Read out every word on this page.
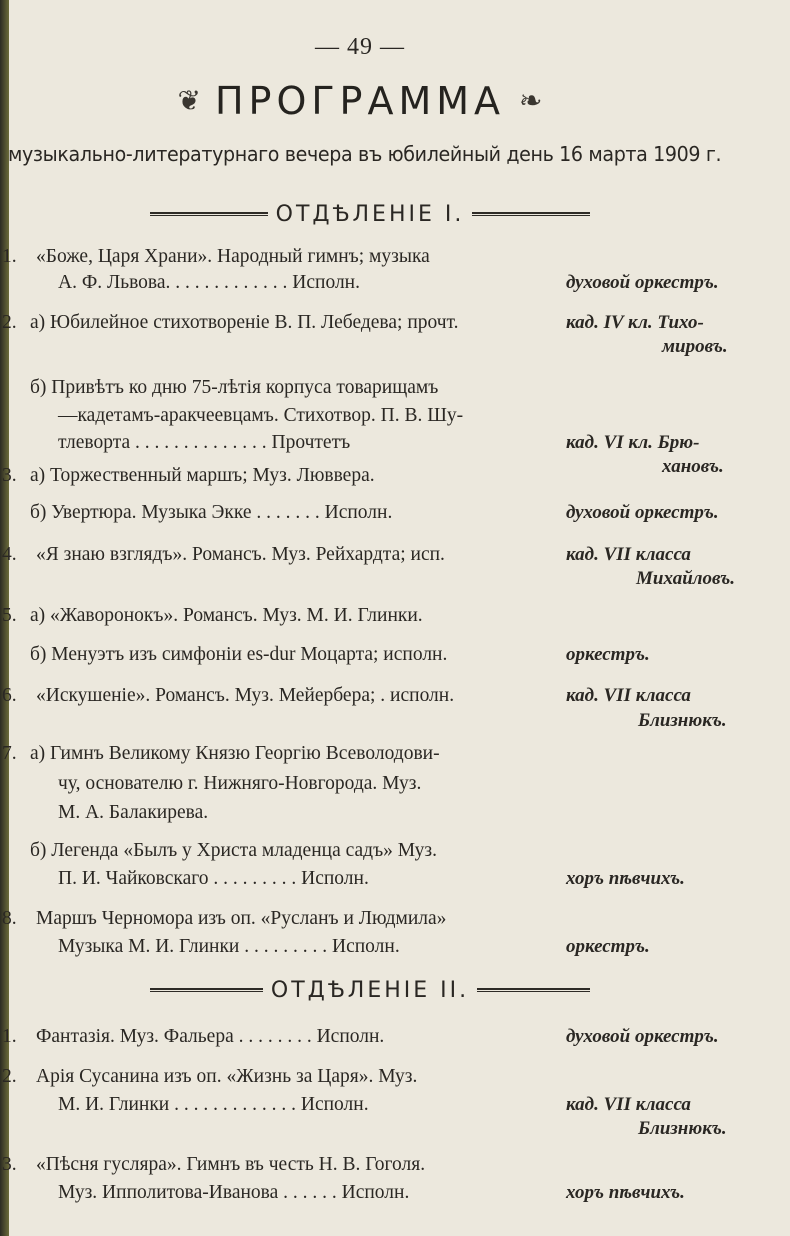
— 49 —
❦ ПРОГРАММА ❧
музыкально-литературнаго вечера въ юбилейный день 16 марта 1909 г.
ОТДѢЛЕНІЕ I.
ОТДѢЛЕНІЕ II.
1. «Боже, Царя Храни». Народный гимнъ; музыка
А. Ф. Львова. . . . . . . . . . . . . Исполн.
2. а) Юбилейное стихотвореніе В. П. Лебедева; прочт.
б) Привѣтъ ко дню 75-лѣтія корпуса товарищамъ
—кадетамъ-аракчеевцамъ. Стихотвор. П. В. Шу-
тлеворта . . . . . . . . . . . . . . Прочтетъ
3. а) Торжественный маршъ; Муз. Люввера.
б) Увертюра. Музыка Экке . . . . . . . Исполн.
4. «Я знаю взглядъ». Романсъ. Муз. Рейхардта; исп.
5. а) «Жаворонокъ». Романсъ. Муз. М. И. Глинки.
б) Менуэтъ изъ симфоніи es-dur Моцарта; исполн.
6. «Искушеніе». Романсъ. Муз. Мейербера; . исполн.
7. а) Гимнъ Великому Князю Георгію Всеволодови-
чу, основателю г. Нижняго-Новгорода. Муз.
М. А. Балакирева.
б) Легенда «Былъ у Христа младенца садъ» Муз.
П. И. Чайковскаго . . . . . . . . . Исполн.
8. Маршъ Черномора изъ оп. «Русланъ и Людмила»
Музыка М. И. Глинки . . . . . . . . . Исполн.
1. Фантазія. Муз. Фальера . . . . . . . . Исполн.
2. Арія Сусанина изъ оп. «Жизнь за Царя». Муз.
М. И. Глинки . . . . . . . . . . . . . Исполн.
3. «Пѣсня гусляра». Гимнъ въ честь Н. В. Гоголя.
Муз. Ипполитова-Иванова . . . . . . Исполн.
духовой оркестръ.
кад. IV кл. Тихо-
мировъ.
кад. VI кл. Брю-
хановъ.
духовой оркестръ.
кад. VII класса
Михайловъ.
оркестръ.
кад. VII класса
Близнюкъ.
хоръ пѣвчихъ.
оркестръ.
духовой оркестръ.
кад. VII класса
Близнюкъ.
хоръ пѣвчихъ.
